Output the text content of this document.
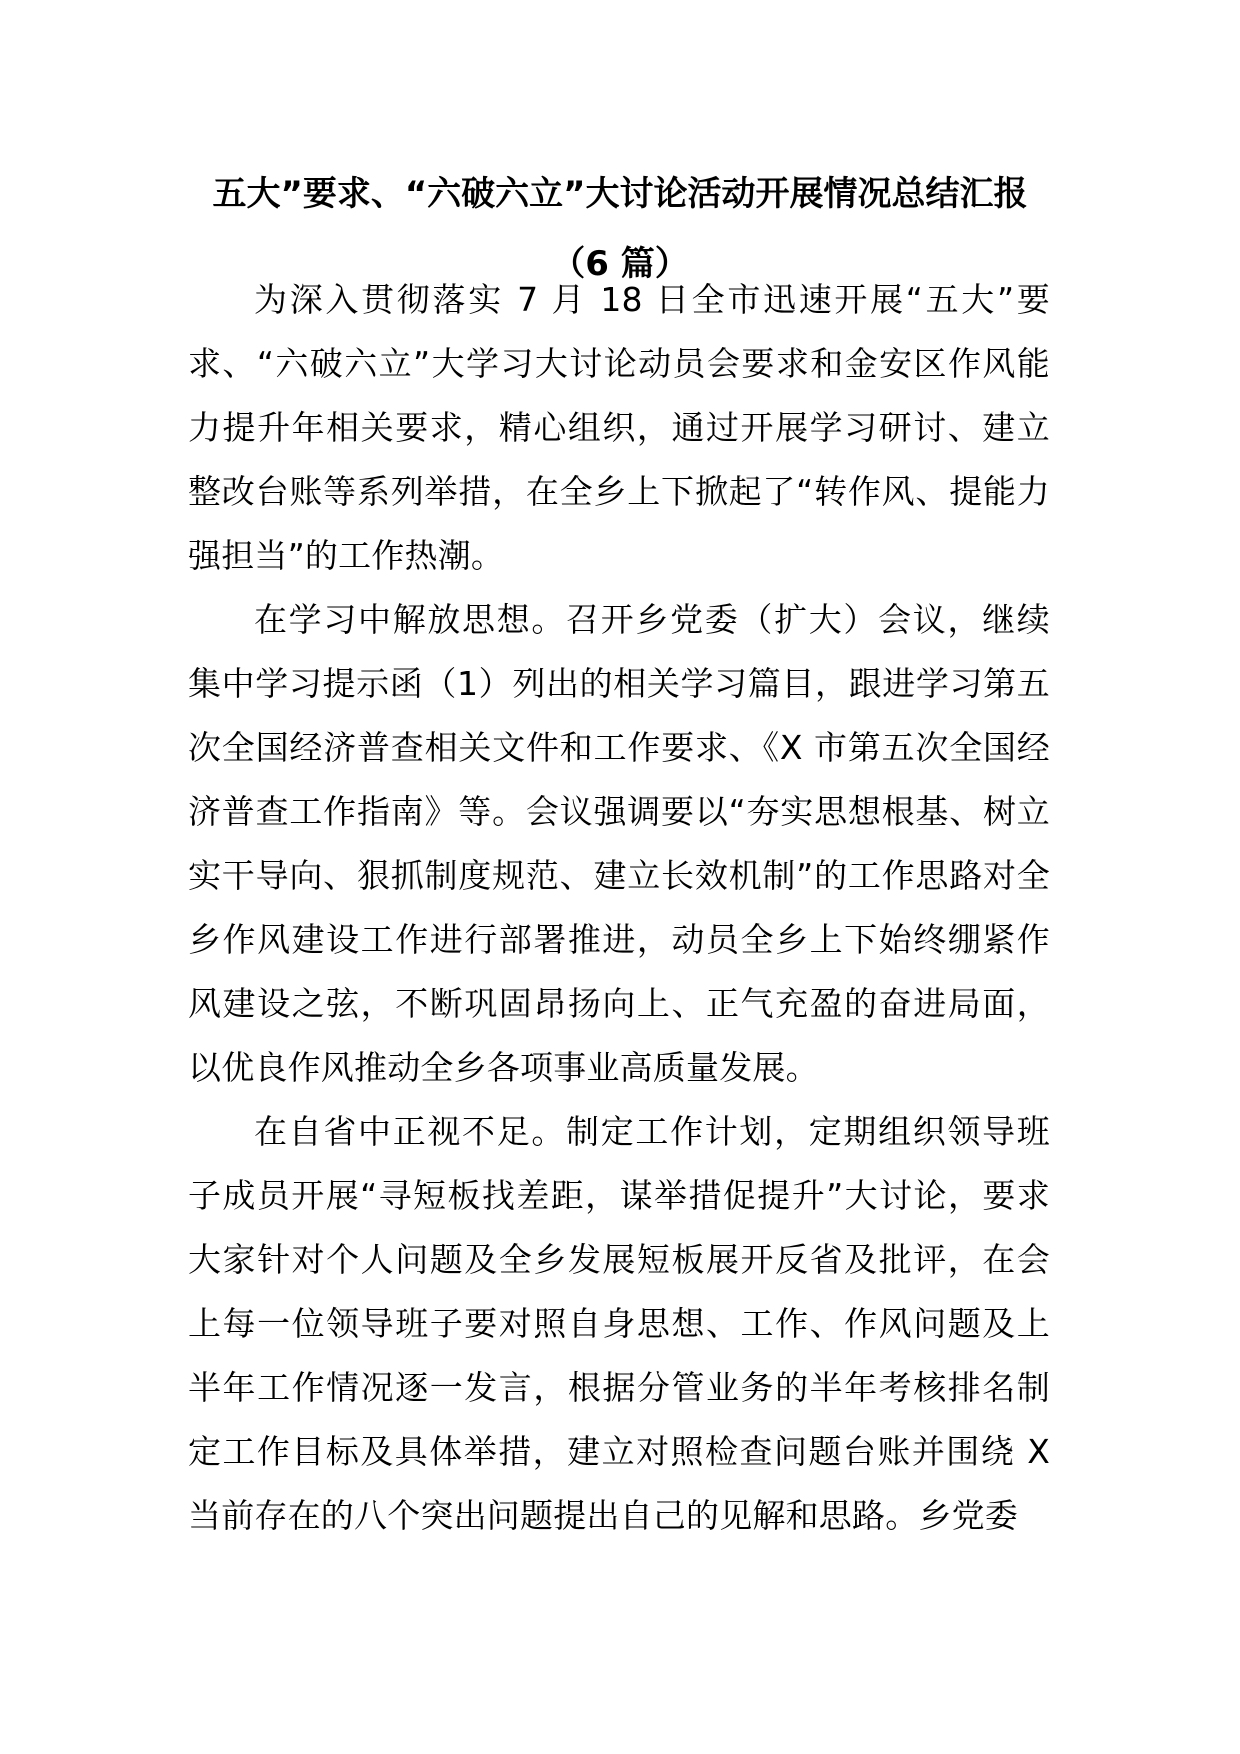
五大”要求、“六破六立”大讨论活动开展情况总结汇报
（6 篇）

为深入贯彻落实 7 月 18 日全市迅速开展“五大”要求、“六破六立”大学习大讨论动员会要求和金安区作风能力提升年相关要求，精心组织，通过开展学习研讨、建立整改台账等系列举措，在全乡上下掀起了“转作风、提能力强担当”的工作热潮。

在学习中解放思想。召开乡党委（扩大）会议，继续集中学习提示函（1）列出的相关学习篇目，跟进学习第五次全国经济普查相关文件和工作要求、《X 市第五次全国经济普查工作指南》等。会议强调要以“夯实思想根基、树立实干导向、狠抓制度规范、建立长效机制”的工作思路对全乡作风建设工作进行部署推进，动员全乡上下始终绷紧作风建设之弦，不断巩固昂扬向上、正气充盈的奋进局面，以优良作风推动全乡各项事业高质量发展。

在自省中正视不足。制定工作计划，定期组织领导班子成员开展“寻短板找差距，谋举措促提升”大讨论，要求大家针对个人问题及全乡发展短板展开反省及批评，在会上每一位领导班子要对照自身思想、工作、作风问题及上半年工作情况逐一发言，根据分管业务的半年考核排名制定工作目标及具体举措，建立对照检查问题台账并围绕 X当前存在的八个突出问题提出自己的见解和思路。乡党委
